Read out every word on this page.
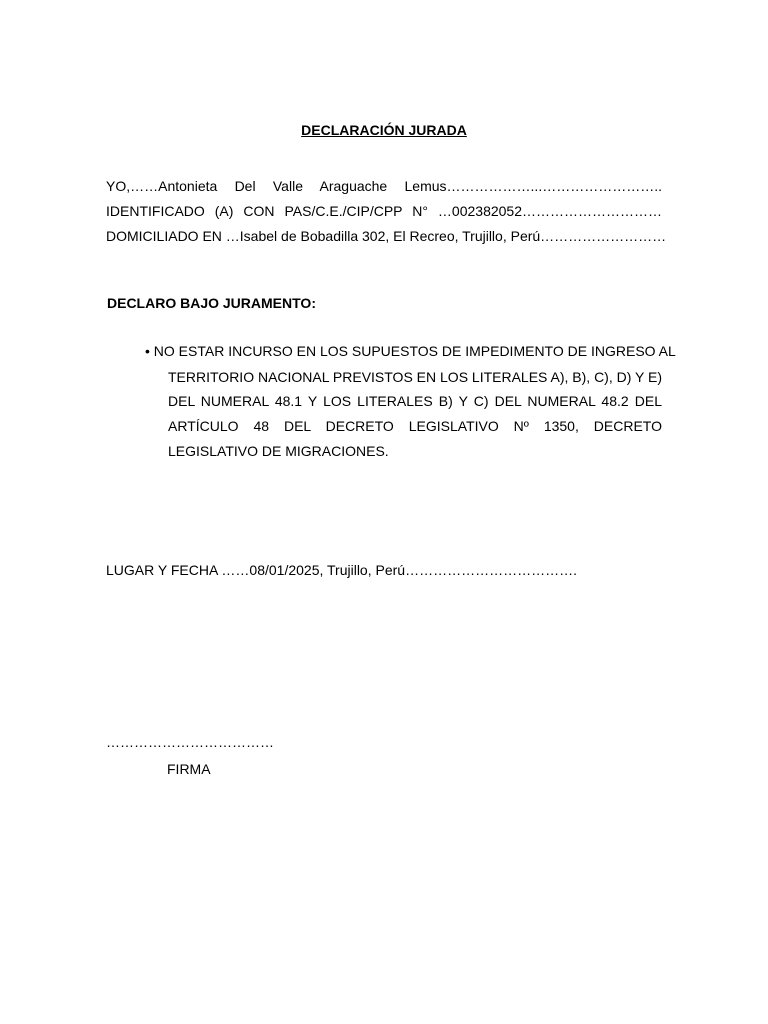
DECLARACIÓN JURADA
YO,……Antonieta Del Valle Araguache Lemus………………...……………………..
IDENTIFICADO (A) CON PAS/C.E./CIP/CPP N° …002382052…………………………
DOMICILIADO EN …Isabel de Bobadilla 302, El Recreo, Trujillo, Perú………………………
DECLARO BAJO JURAMENTO:
• NO ESTAR INCURSO EN LOS SUPUESTOS DE IMPEDIMENTO DE INGRESO AL
TERRITORIO NACIONAL PREVISTOS EN LOS LITERALES A), B), C), D) Y E)
DEL NUMERAL 48.1 Y LOS LITERALES B) Y C) DEL NUMERAL 48.2 DEL
ARTÍCULO 48 DEL DECRETO LEGISLATIVO Nº 1350, DECRETO
LEGISLATIVO DE MIGRACIONES.
LUGAR Y FECHA ……08/01/2025, Trujillo, Perú……………………………….
………………………………
FIRMA
